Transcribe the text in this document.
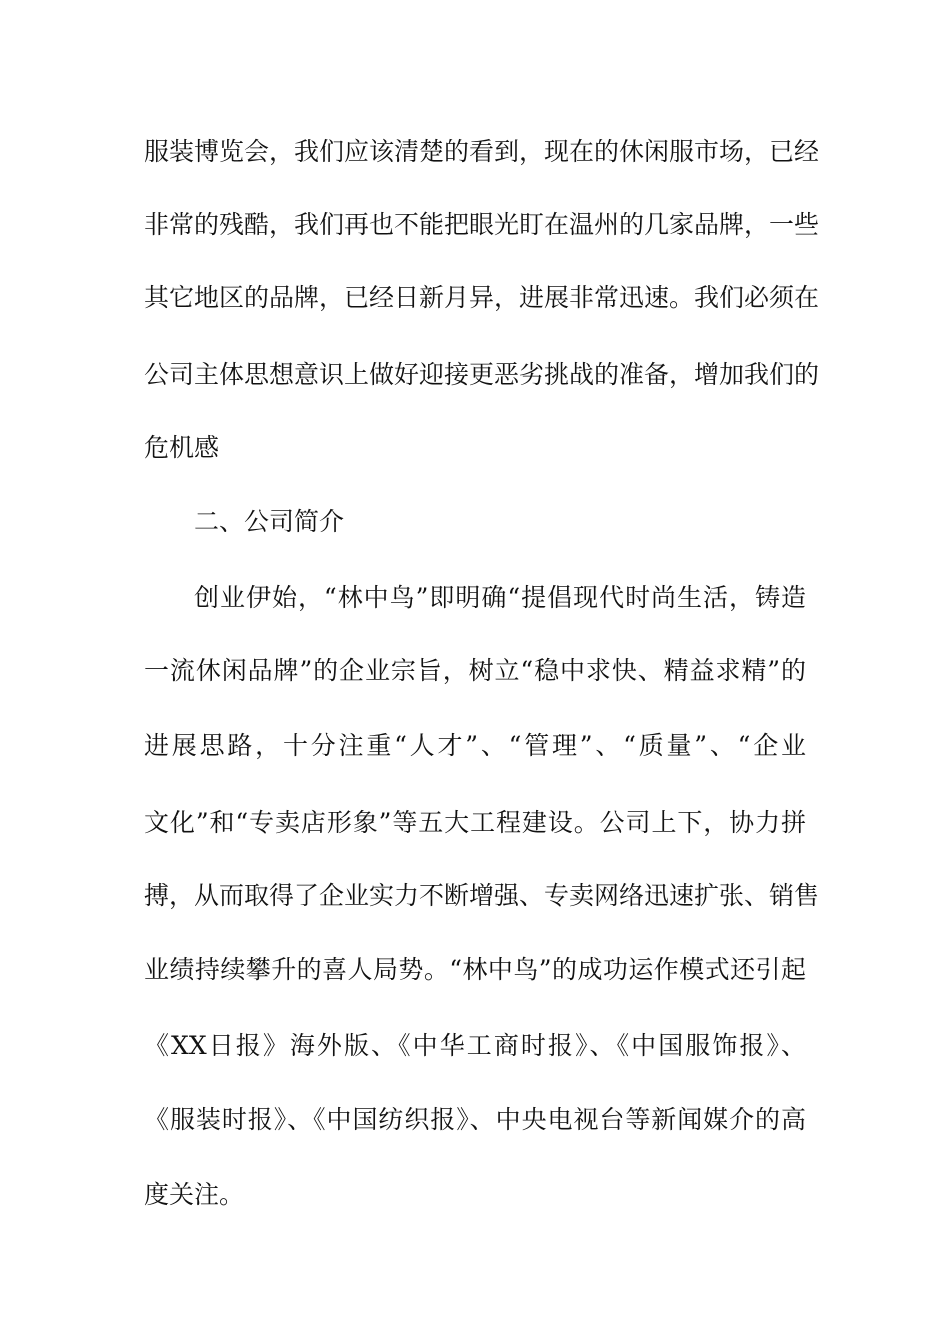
服装博览会，我们应该清楚的看到，现在的休闲服市场，已经
非常的残酷，我们再也不能把眼光盯在温州的几家品牌，一些
其它地区的品牌，已经日新月异，进展非常迅速。我们必须在
公司主体思想意识上做好迎接更恶劣挑战的准备，增加我们的
危机感
二、公司简介
创业伊始，“林中鸟”即明确“提倡现代时尚生活，铸造
一流休闲品牌”的企业宗旨，树立“稳中求快、精益求精”的
进展思路，十分注重“人才”、“管理”、“质量”、“企业
文化”和“专卖店形象”等五大工程建设。公司上下，协力拼
搏，从而取得了企业实力不断增强、专卖网络迅速扩张、销售
业绩持续攀升的喜人局势。“林中鸟”的成功运作模式还引起
《XX日报》海外版、《中华工商时报》、《中国服饰报》、
《服装时报》、《中国纺织报》、中央电视台等新闻媒介的高
度关注。
